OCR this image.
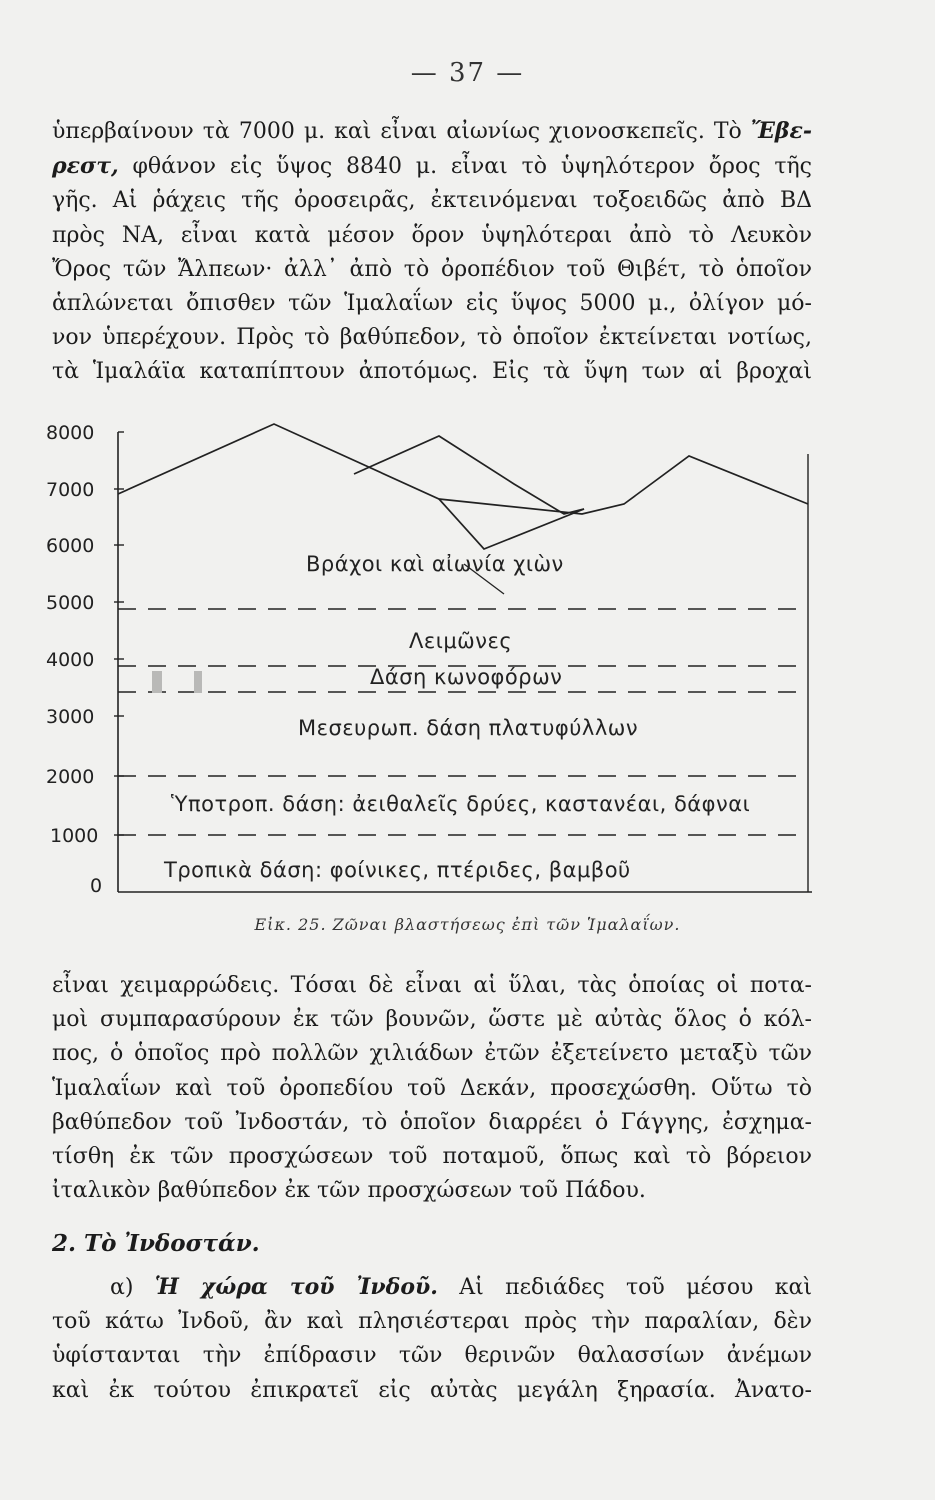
— 37 —
ὑπερβαίνουν τὰ 7000 μ. καὶ εἶναι αἰωνίως χιονοσκεπεῖς. Τὸ Ἔβε-
ρεστ, φθάνον εἰς ὕψος 8840 μ. εἶναι τὸ ὑψηλότερον ὄρος τῆς
γῆς. Αἱ ῥάχεις τῆς ὀροσειρᾶς, ἐκτεινόμεναι τοξοειδῶς ἀπὸ ΒΔ
πρὸς ΝΑ, εἶναι κατὰ μέσον ὅρον ὑψηλότεραι ἀπὸ τὸ Λευκὸν
Ὄρος τῶν Ἄλπεων· ἀλλ᾽ ἀπὸ τὸ ὀροπέδιον τοῦ Θιβέτ, τὸ ὁποῖον
ἁπλώνεται ὄπισθεν τῶν Ἱμαλαΐων εἰς ὕψος 5000 μ., ὀλίγον μό-
νον ὑπερέχουν. Πρὸς τὸ βαθύπεδον, τὸ ὁποῖον ἐκτείνεται νοτίως,
τὰ Ἱμαλάϊα καταπίπτουν ἀποτόμως. Εἰς τὰ ὕψη των αἱ βροχαὶ
8000
7000
6000
5000
4000
3000
2000
1000
0
Βράχοι καὶ αἰωνία χιὼν
Λειμῶνες
Δάση κωνοφόρων
Μεσευρωπ. δάση πλατυφύλλων
Ὑποτροπ. δάση: ἀειθαλεῖς δρύες, καστανέαι, δάφναι
Τροπικὰ δάση: φοίνικες, πτέριδες, βαμβοῦ
Εἰκ. 25. Ζῶναι βλαστήσεως ἐπὶ τῶν Ἱμαλαΐων.
εἶναι χειμαρρώδεις. Τόσαι δὲ εἶναι αἱ ὕλαι, τὰς ὁποίας οἱ ποτα-
μοὶ συμπαρασύρουν ἐκ τῶν βουνῶν, ὥστε μὲ αὐτὰς ὅλος ὁ κόλ-
πος, ὁ ὁποῖος πρὸ πολλῶν χιλιάδων ἐτῶν ἐξετείνετο μεταξὺ τῶν
Ἱμαλαΐων καὶ τοῦ ὀροπεδίου τοῦ Δεκάν, προσεχώσθη. Οὕτω τὸ
βαθύπεδον τοῦ Ἰνδοστάν, τὸ ὁποῖον διαρρέει ὁ Γάγγης, ἐσχημα-
τίσθη ἐκ τῶν προσχώσεων τοῦ ποταμοῦ, ὅπως καὶ τὸ βόρειον
ἰταλικὸν βαθύπεδον ἐκ τῶν προσχώσεων τοῦ Πάδου.
2. Τὸ Ἰνδοστάν.
α) Ἡ χώρα τοῦ Ἰνδοῦ. Αἱ πεδιάδες τοῦ μέσου καὶ
τοῦ κάτω Ἰνδοῦ, ἂν καὶ πλησιέστεραι πρὸς τὴν παραλίαν, δὲν
ὑφίστανται τὴν ἐπίδρασιν τῶν θερινῶν θαλασσίων ἀνέμων
καὶ ἐκ τούτου ἐπικρατεῖ εἰς αὐτὰς μεγάλη ξηρασία. Ἀνατο-
